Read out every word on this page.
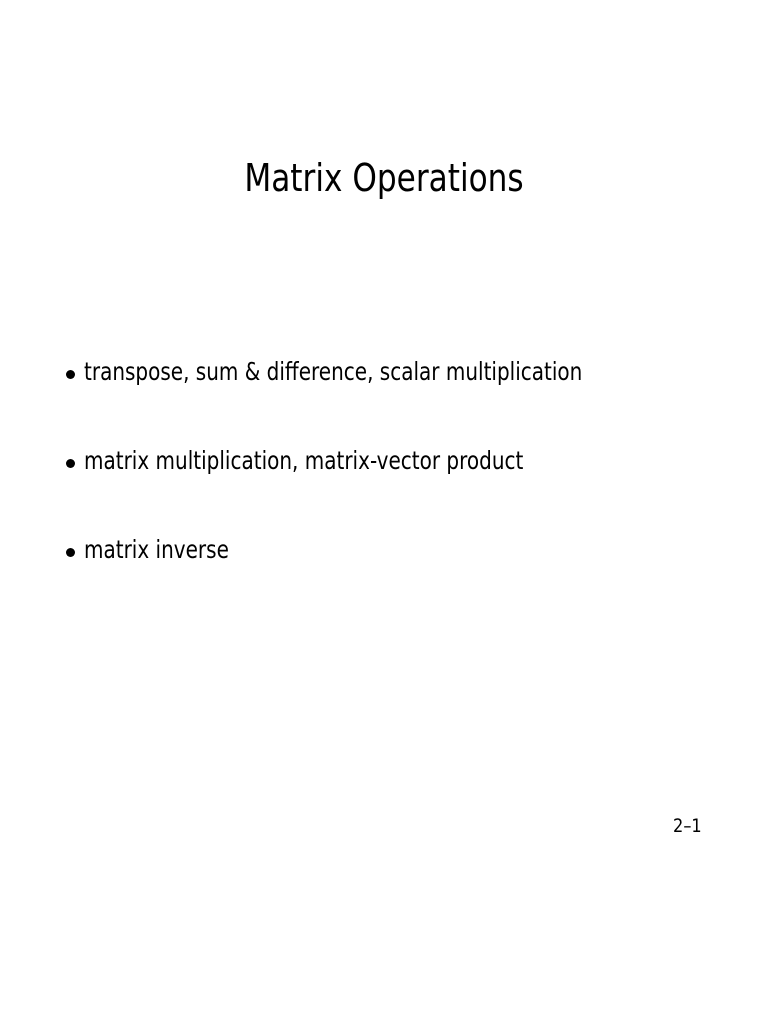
Matrix Operations
transpose, sum & difference, scalar multiplication
matrix multiplication, matrix-vector product
matrix inverse
2–1
